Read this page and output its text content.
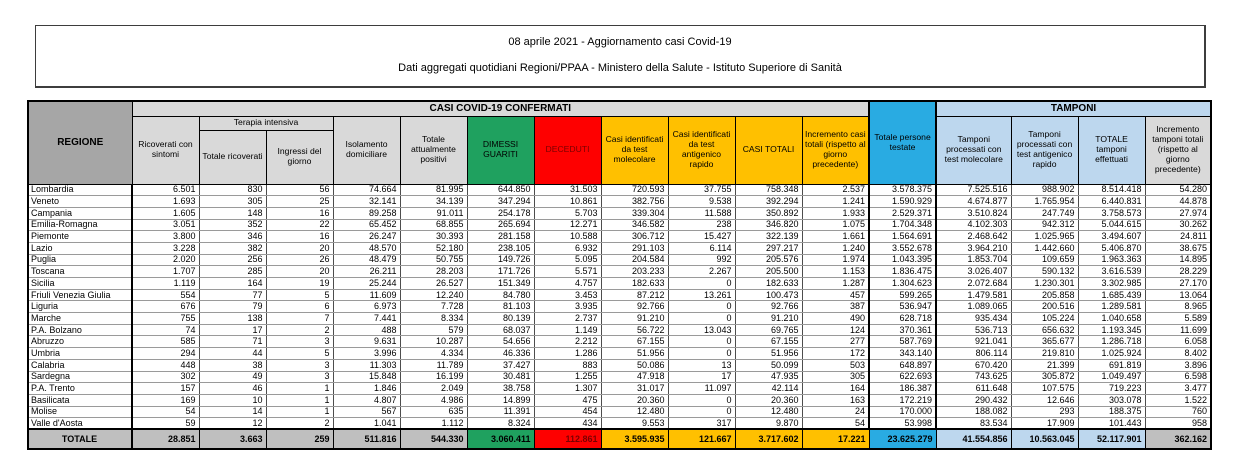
08 aprile 2021 - Aggiornamento casi Covid-19
Dati aggregati quotidiani Regioni/PPAA - Ministero della Salute - Istituto Superiore di Sanità
REGIONE	CASI COVID-19 CONFERMATI											Totale persone testate	TAMPONI			
	Ricoverati con sintomi	Terapia intensiva		Isolamento domiciliare	Totale attualmente positivi	DIMESSI GUARITI	DECEDUTI	Casi identificati da test molecolare	Casi identificati da test antigenico rapido	CASI TOTALI	Incremento casi totali (rispetto al giorno precedente)		Tamponi processati con test molecolare	Tamponi processati con test antigenico rapido	TOTALE tamponi effettuati	Incremento tamponi totali (rispetto al giorno precedente)
		Totale ricoverati	Ingressi del giorno													
Lombardia	6.501	830	56	74.664	81.995	644.850	31.503	720.593	37.755	758.348	2.537	3.578.375	7.525.516	988.902	8.514.418	54.280
Veneto	1.693	305	25	32.141	34.139	347.294	10.861	382.756	9.538	392.294	1.241	1.590.929	4.674.877	1.765.954	6.440.831	44.878
Campania	1.605	148	16	89.258	91.011	254.178	5.703	339.304	11.588	350.892	1.933	2.529.371	3.510.824	247.749	3.758.573	27.974
Emilia-Romagna	3.051	352	22	65.452	68.855	265.694	12.271	346.582	238	346.820	1.075	1.704.348	4.102.303	942.312	5.044.615	30.262
Piemonte	3.800	346	16	26.247	30.393	281.158	10.588	306.712	15.427	322.139	1.661	1.564.691	2.468.642	1.025.965	3.494.607	24.811
Lazio	3.228	382	20	48.570	52.180	238.105	6.932	291.103	6.114	297.217	1.240	3.552.678	3.964.210	1.442.660	5.406.870	38.675
Puglia	2.020	256	26	48.479	50.755	149.726	5.095	204.584	992	205.576	1.974	1.043.395	1.853.704	109.659	1.963.363	14.895
Toscana	1.707	285	20	26.211	28.203	171.726	5.571	203.233	2.267	205.500	1.153	1.836.475	3.026.407	590.132	3.616.539	28.229
Sicilia	1.119	164	19	25.244	26.527	151.349	4.757	182.633	0	182.633	1.287	1.304.623	2.072.684	1.230.301	3.302.985	27.170
Friuli Venezia Giulia	554	77	5	11.609	12.240	84.780	3.453	87.212	13.261	100.473	457	599.265	1.479.581	205.858	1.685.439	13.064
Liguria	676	79	6	6.973	7.728	81.103	3.935	92.766	0	92.766	387	536.947	1.089.065	200.516	1.289.581	8.965
Marche	755	138	7	7.441	8.334	80.139	2.737	91.210	0	91.210	490	628.718	935.434	105.224	1.040.658	5.589
P.A. Bolzano	74	17	2	488	579	68.037	1.149	56.722	13.043	69.765	124	370.361	536.713	656.632	1.193.345	11.699
Abruzzo	585	71	3	9.631	10.287	54.656	2.212	67.155	0	67.155	277	587.769	921.041	365.677	1.286.718	6.058
Umbria	294	44	5	3.996	4.334	46.336	1.286	51.956	0	51.956	172	343.140	806.114	219.810	1.025.924	8.402
Calabria	448	38	3	11.303	11.789	37.427	883	50.086	13	50.099	503	648.897	670.420	21.399	691.819	3.896
Sardegna	302	49	3	15.848	16.199	30.481	1.255	47.918	17	47.935	305	622.693	743.625	305.872	1.049.497	6.598
P.A. Trento	157	46	1	1.846	2.049	38.758	1.307	31.017	11.097	42.114	164	186.387	611.648	107.575	719.223	3.477
Basilicata	169	10	1	4.807	4.986	14.899	475	20.360	0	20.360	163	172.219	290.432	12.646	303.078	1.522
Molise	54	14	1	567	635	11.391	454	12.480	0	12.480	24	170.000	188.082	293	188.375	760
Valle d'Aosta	59	12	2	1.041	1.112	8.324	434	9.553	317	9.870	54	53.998	83.534	17.909	101.443	958
TOTALE	28.851	3.663	259	511.816	544.330	3.060.411	112.861	3.595.935	121.667	3.717.602	17.221	23.625.279	41.554.856	10.563.045	52.117.901	362.162
